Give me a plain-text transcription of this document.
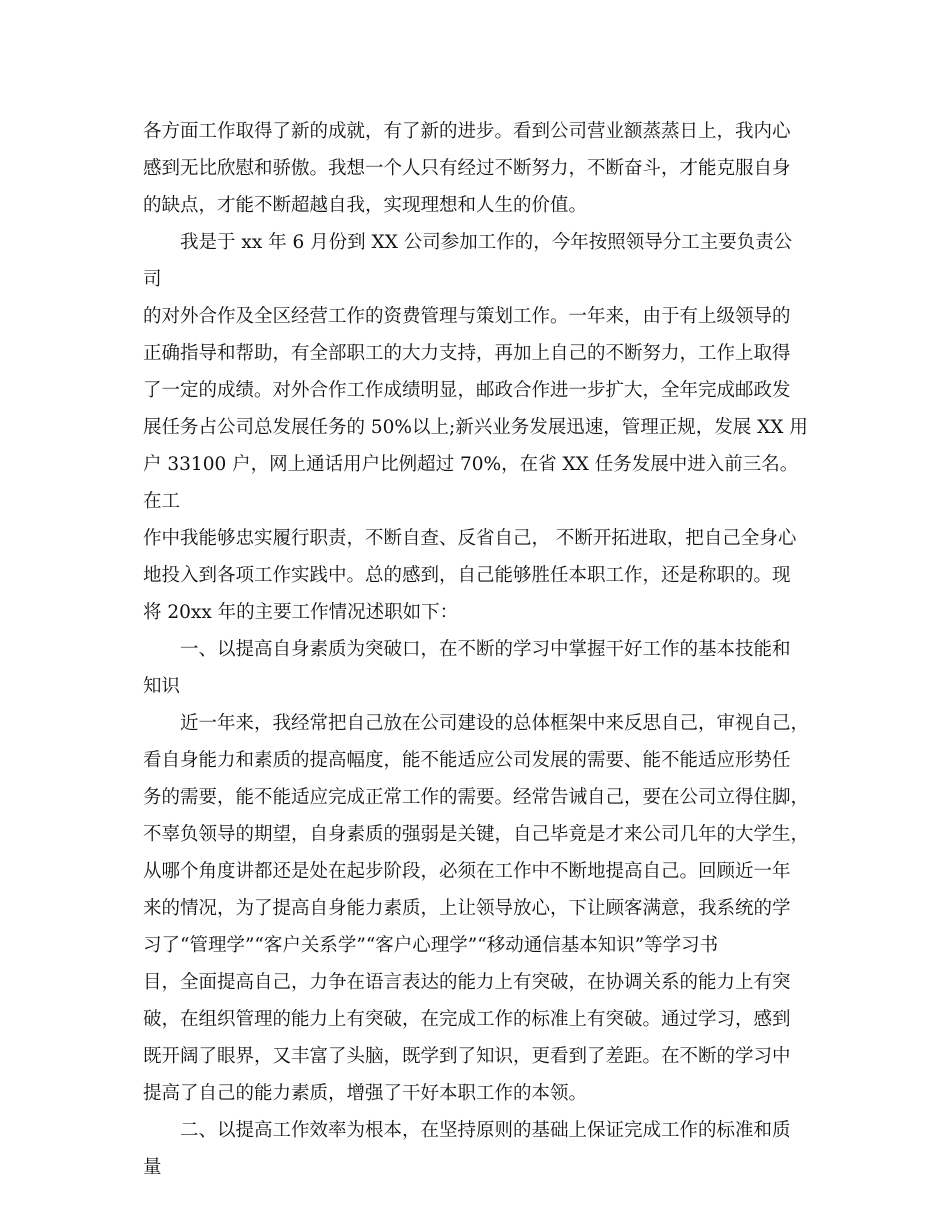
各方面工作取得了新的成就，有了新的进步。看到公司营业额蒸蒸日上，我内心
感到无比欣慰和骄傲。我想一个人只有经过不断努力，不断奋斗，才能克服自身
的缺点，才能不断超越自我，实现理想和人生的价值。

　　我是于 xx 年 6 月份到 XX 公司参加工作的，今年按照领导分工主要负责公司
的对外合作及全区经营工作的资费管理与策划工作。一年来，由于有上级领导的
正确指导和帮助，有全部职工的大力支持，再加上自己的不断努力，工作上取得
了一定的成绩。对外合作工作成绩明显，邮政合作进一步扩大，全年完成邮政发
展任务占公司总发展任务的 50%以上;新兴业务发展迅速，管理正规，发展 XX 用
户 33100 户，网上通话用户比例超过 70%，在省 XX 任务发展中进入前三名。在工
作中我能够忠实履行职责，不断自查、反省自己， 不断开拓进取，把自己全身心
地投入到各项工作实践中。总的感到，自己能够胜任本职工作，还是称职的。现
将 20xx 年的主要工作情况述职如下：

　　一、以提高自身素质为突破口，在不断的学习中掌握干好工作的基本技能和
知识

　　近一年来，我经常把自己放在公司建设的总体框架中来反思自己，审视自己，
看自身能力和素质的提高幅度，能不能适应公司发展的需要、能不能适应形势任
务的需要，能不能适应完成正常工作的需要。经常告诫自己，要在公司立得住脚，
不辜负领导的期望，自身素质的强弱是关键，自己毕竟是才来公司几年的大学生，
从哪个角度讲都还是处在起步阶段，必须在工作中不断地提高自己。回顾近一年
来的情况，为了提高自身能力素质，上让领导放心，下让顾客满意，我系统的学
习了“管理学”“客户关系学”“客户心理学”“移动通信基本知识”等学习书
目，全面提高自己，力争在语言表达的能力上有突破，在协调关系的能力上有突
破，在组织管理的能力上有突破，在完成工作的标准上有突破。通过学习，感到
既开阔了眼界，又丰富了头脑，既学到了知识，更看到了差距。在不断的学习中
提高了自己的能力素质，增强了干好本职工作的本领。

　　二、以提高工作效率为根本，在坚持原则的基础上保证完成工作的标准和质
量
